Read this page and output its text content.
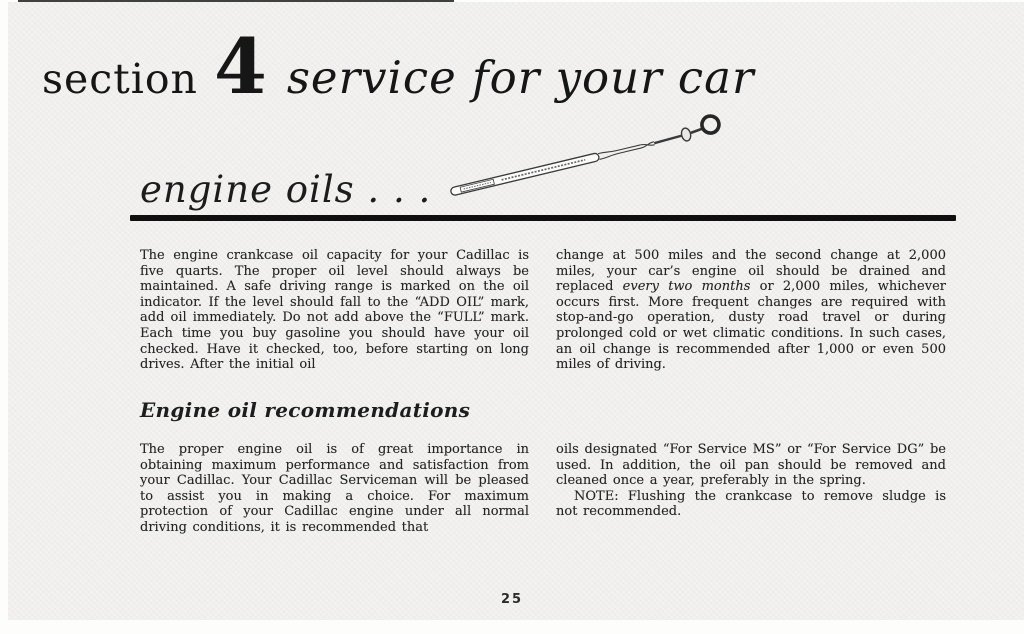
section 4 service for your car
engine oils . . .

The engine crankcase oil capacity for your Cadillac is five quarts. The proper oil level should always be maintained. A safe driving range is marked on the oil indicator. If the level should fall to the “ADD OIL” mark, add oil immediately. Do not add above the “FULL” mark. Each time you buy gasoline you should have your oil checked. Have it checked, too, before starting on long drives. After the initial oil

change at 500 miles and the second change at 2,000 miles, your car’s engine oil should be drained and replaced every two months or 2,000 miles, whichever occurs first. More frequent changes are required with stop-and-go operation, dusty road travel or during prolonged cold or wet climatic conditions. In such cases, an oil change is recommended after 1,000 or even 500 miles of driving.

Engine oil recommendations

The proper engine oil is of great importance in obtaining maximum performance and satisfaction from your Cadillac. Your Cadillac Serviceman will be pleased to assist you in making a choice. For maximum protection of your Cadillac engine under all normal driving conditions, it is recommended that

oils designated “For Service MS” or “For Service DG” be used. In addition, the oil pan should be removed and cleaned once a year, preferably in the spring.

NOTE: Flushing the crankcase to remove sludge is not recommended.

25
